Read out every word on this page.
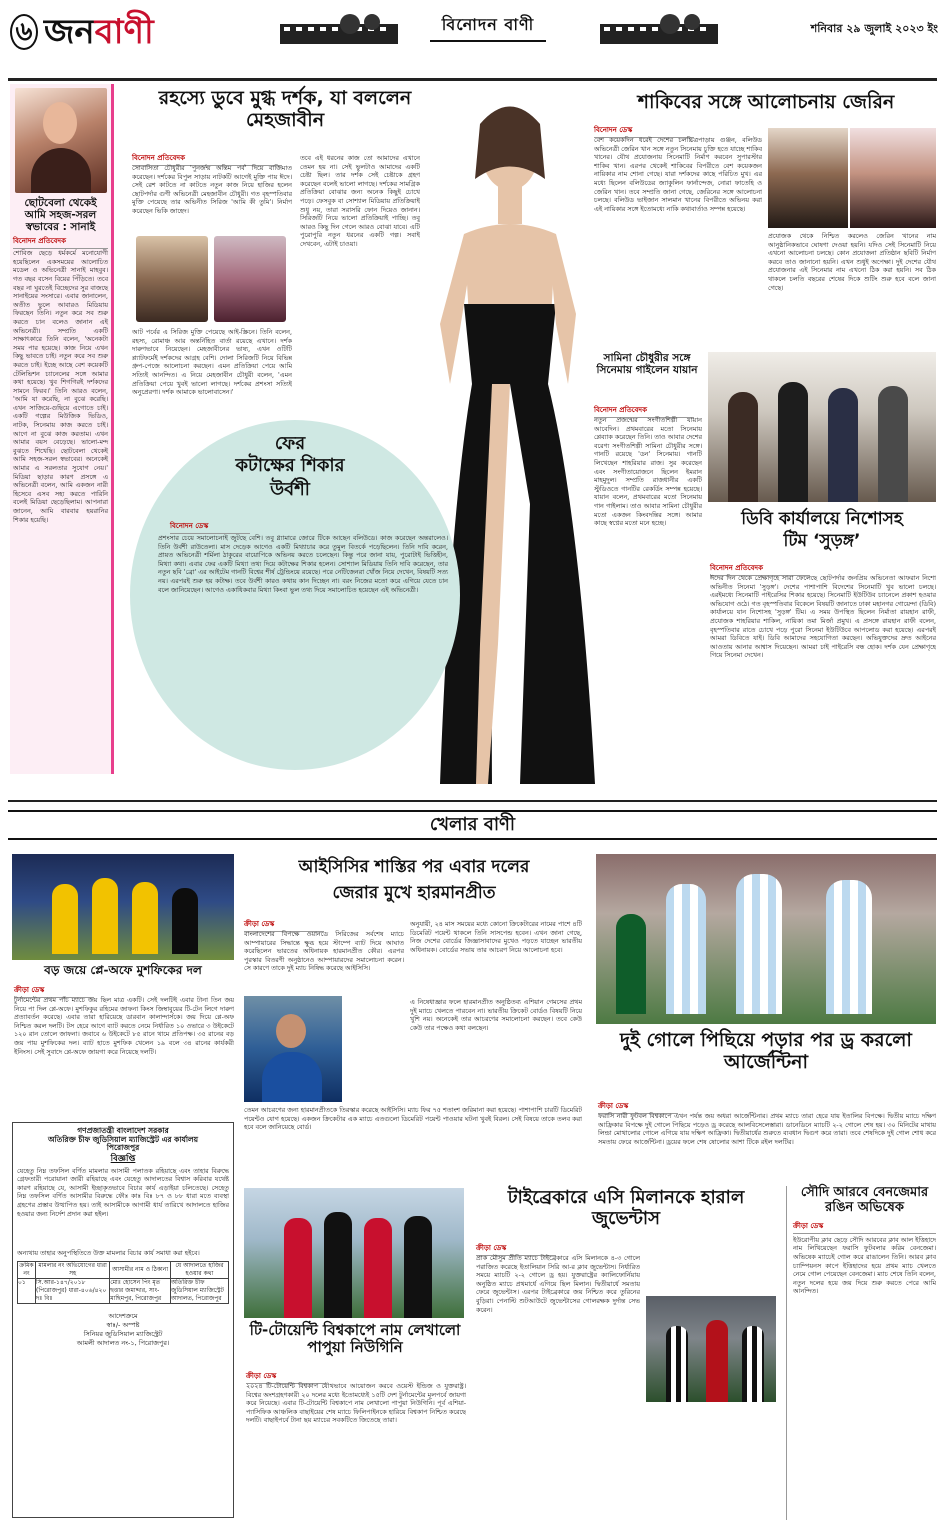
৬ জনবাণী	বিনোদন বাণী	শনিবার ২৯ জুলাই ২০২৩ ইং
ছোটবেলা থেকেই আমি সহজ-সরল স্বভাবের : সানাই
বিনোদন প্রতিবেদক
শোবিজ ছেড়ে ধর্মকর্মে মনোযোগী হয়েছিলেন একসময়ের আলোচিত মডেল ও অভিনেত্রী সানাই মাহবুব। গত বছর বসেন বিয়ের পিঁড়িতে। তবে বছর না ঘুরতেই বিচ্ছেদের সুর বাজছে সানাইয়ের সংসারে। এবার জানালেন, অতীত ভুলে আবারও মিডিয়ায় ফিরছেন তিনি। নতুন করে সব শুরু করতে চান বলেও জানান এই অভিনেত্রী। সম্প্রতি একটি সাক্ষাৎকারে তিনি বলেন, 'অনেকটা সময় পার হয়েছে। কাজ নিয়ে এখন কিছু ভাবতে চাই। নতুন করে সব শুরু করতে চাই। ইচ্ছে আছে বেশ কয়েকটি টেলিভিশন চ্যানেলের সঙ্গে আমার কথা হয়েছে। খুব শিগগিরই দর্শকদের সামনে ফিরব।' তিনি আরও বলেন, 'আমি যা করেছি, না বুঝে করেছি। এখন সাজিয়ে-গুছিয়ে এগোতে চাই। একটি গল্পের মিউজিক ভিডিও, নাটক, সিনেমায় কাজ করতে চাই। আগে না বুঝে কাজ করতাম। এখন আমার বয়স বেড়েছে। ভালো-মন্দ বুঝতে শিখেছি। ছোটবেলা থেকেই আমি সহজ-সরল স্বভাবের। অনেকেই আমার এ সরলতার সুযোগ নেয়।' মিডিয়া ছাড়ার কারণ প্রসঙ্গে এ অভিনেত্রী বলেন, আমি একজন নারী হিসেবে এসব সহ্য করতে পারিনি বলেই মিডিয়া ছেড়েছিলাম। আপনারা জানেন, আমি বারবার হয়রানির শিকার হয়েছি।
রহস্যে ডুবে মুগ্ধ দর্শক, যা বললেন মেহজাবীন
বিনোদন প্রতিবেদক
সোবাসিতা চৌধুরীর 'পুনর্জন্ম অন্তিম পর্ব' দিয়ে বাজিমাত করেছেন। দর্শকের বিপুল সাড়ায় নাটকটি আগেই মুক্তি পায় ঈদে। সেই রেশ কাটতে না কাটতে নতুন কাজ নিয়ে হাজির হলেন ছোটপর্দার গুণী অভিনেত্রী মেহজাবীন চৌধুরী। গত বৃহস্পতিবার মুক্তি পেয়েছে তার অভিনীত সিরিজ 'আমি কী তুমি'। নির্মাণ করেছেন ভিকি জাহেদ।
আট পর্বের এ সিরিজ মুক্তি পেয়েছে আই-স্ক্রিনে। তিনি বলেন, রহস্য, রোমাঞ্চ আর অন্তর্নিহিত বার্তা রয়েছে এখানে। দর্শক দারুণভাবে নিয়েছেন। মেহজাবীনের ভাষ্য, এখন ওটিটি প্ল্যাটফর্মেই দর্শকদের আগ্রহ বেশি। দোলা সিরিজটি নিয়ে বিভিন্ন গ্রুপ-পেজে আলোচনা করছেন। এমন প্রতিক্রিয়া পেয়ে আমি সত্যিই আনন্দিত। এ নিয়ে মেহজাবীন চৌধুরী বলেন, 'এমন প্রতিক্রিয়া পেয়ে খুবই ভালো লাগছে। দর্শকের প্রশংসা সত্যিই অনুপ্রেরণা। দর্শক আমাকে ভালোবাসেন।'
তবে এই ধরনের কাজ তো আমাদের এখানে তেমন হয় না। সেই ভুলটাও আমাদের একটি চেষ্টা ছিল। তার দর্শক সেই চেষ্টাকে গ্রহণ করেছেন বলেই ভালো লাগছে। দর্শকের সামগ্রিক প্রতিক্রিয়া বোঝার জন্য অনেক কিছুই চোখে পড়ে। ফেসবুক বা সোশ্যাল মিডিয়ায় প্রতিক্রিয়াই শুধু নয়, তারা সরাসরি ফোন দিয়েও জানান। সিরিজটি নিয়ে ভালো প্রতিক্রিয়াই পাচ্ছি। তবু আরও কিছু দিন গেলে আরও বোঝা যাবে। এটি পুরোপুরি নতুন ধরনের একটি গল্প। সবাই দেখবেন, এটাই চাওয়া।
ফের
কটাক্ষের শিকার
উর্বশী
বিনোদন ডেস্ক
প্রশংসার চেয়ে সমালোচনাই জুটছে বেশি। তবু গ্ল্যামারে জোরে টিকে আছেন বলিউডে। কাজ করেছেন অন্তরালেও। তিনি উর্বশী রাউতেলা। মাস দেড়েক আগেও একটি মিথ্যাচার করে তুমুল বিতর্কে পড়েছিলেন। তিনি দাবি করেন, প্রায়ত অভিনেত্রী শর্মিলা ঠাকুরের বায়োপিকে অভিনয় করতে চলেছেন। কিন্তু পরে জানা যায়, পুরোটাই ভিত্তিহীন, মিথ্যা কথা। এবার ফের একটি মিথ্যা তথ্য দিয়ে কটাক্ষের শিকার হলেন। সোশ্যাল মিডিয়ায় তিনি দাবি করেছেন, তার নতুন ছবি 'ব্রো' এর আইটেম গানটি বিশ্বের শীর্ষ ট্রেন্ডিংয়ে রয়েছে। পরে নেটিজেনরা খোঁজ নিয়ে দেখেন, বিষয়টি সত্য নয়। এরপরই শুরু হয় কটাক্ষ। তবে উর্বশী কারও কথায় কান দিচ্ছেন না। বরং নিজের মতো করে এগিয়ে যেতে চান বলে জানিয়েছেন। আগেও একাধিকবার মিথ্যা কিংবা ভুল তথ্য দিয়ে সমালোচিত হয়েছেন এই অভিনেত্রী।
শাকিবের সঙ্গে আলোচনায় জেরিন
বিনোদন ডেস্ক
বেশ কয়েকদিন ধরেই দেশের চলচ্চিত্রপাড়ায় গুঞ্জন, বলিউড অভিনেত্রী জেরিন খান সঙ্গে নতুন সিনেমায় চুক্তি হতে যাচ্ছে শাকিব খানের। যৌথ প্রযোজনায় সিনেমাটি নির্মাণ করবেন সুপারস্টার শাকিব খান। এরপর থেকেই শাকিবের বিপরীতে বেশ কয়েকজন নায়িকার নাম শোনা গেছে। যারা দর্শকদের কাছে পরিচিত মুখ। এর মধ্যে ছিলেন বলিউডের জ্যাকুলিন ফার্নান্দেজ, নোরা ফাতেহি ও জেরিন খান। তবে সম্প্রতি জানা গেছে, জেরিনের সঙ্গে আলোচনা চলছে। বলিউড ভাইজান সালমান খানের বিপরীতে অভিনয় করা এই নায়িকার সঙ্গে ইতোমধ্যে নাকি কথাবার্তাও সম্পন্ন হয়েছে।
প্রযোজক থেকে নিশ্চিত করলেও জেরিন খানের নাম আনুষ্ঠানিকভাবে ঘোষণা দেওয়া হয়নি। যদিও সেই সিনেমাটি নিয়ে এখনো আলোচনা চলছে। কোন প্রযোজনা প্রতিষ্ঠান ছবিটি নির্মাণ করবে তাও জানানো হয়নি। এখন শুধুই অপেক্ষা। দুই দেশের যৌথ প্রযোজনার এই সিনেমার নাম এখনো ঠিক করা হয়নি। সব ঠিক থাকলে চলতি বছরের শেষের দিকে শুটিং শুরু হবে বলে জানা গেছে।
সামিনা চৌধুরীর সঙ্গে সিনেমায় গাইলেন যায়ান
বিনোদন প্রতিবেদক
নতুন প্রজন্মের সংগীতশিল্পী যায়ান আবেদিন। প্রথমবারের মতো সিনেমায় প্লেব্যাক করেছেন তিনি। তাও আবার দেশের বরেণ্য সংগীতশিল্পী সামিনা চৌধুরীর সঙ্গে। গানটি রয়েছে 'ডন' সিনেমায়। গানটি লিখেছেন শাহরিয়ার রাজ। সুর করেছেন এবং সংগীতায়োজনে ছিলেন ইমরান মাহমুদুল। সম্প্রতি রাজধানীর একটি স্টুডিওতে গানটির রেকর্ডিং সম্পন্ন হয়েছে। যায়ান বলেন, প্রথমবারের মতো সিনেমায় গান গাইলাম। তাও আবার সামিনা চৌধুরীর মতো একজন কিংবদন্তির সঙ্গে। আমার কাছে স্বপ্নের মতো মনে হচ্ছে।	ডিবি কার্যালয়ে নিশোসহ
টিম ‘সুড়ঙ্গ’
বিনোদন প্রতিবেদক
ঈদের দিন থেকে প্রেক্ষাগৃহে সারা ফেলেছে ছোটপর্দার জনপ্রিয় অভিনেতা আফরান নিশো অভিনীত সিনেমা 'সুড়ঙ্গ'। দেশের পাশাপাশি বিদেশের সিনেমাটি খুব ভালো চলছে। এরইমধ্যে সিনেমাটি পাইরেসির শিকার হয়েছে। সিনেমাটি ইউটিউব চ্যানেলে প্রকাশ হওয়ার অভিযোগ ওঠে। গত বৃহস্পতিবার বিকেলে বিষয়টি জানাতে ঢাকা মহানগর গোয়েন্দা (ডিবি) কার্যালয়ে যান নিশোসহ 'সুড়ঙ্গ' টিম। এ সময় উপস্থিত ছিলেন নির্মাতা রায়হান রাফী, প্রযোজক শাহরিয়ার শাকিল, নায়িকা তমা মির্জা প্রমুখ। এ প্রসঙ্গে রায়হান রাফী বলেন, বৃহস্পতিবার রাতে চোখে পড়ে পুরো সিনেমা ইউটিউবে আপলোড করা হয়েছে। এরপরই আমরা ডিবিতে যাই। ডিবি আমাদের সহযোগিতা করছেন। অভিযুক্তদের দ্রুত আইনের আওতায় আনার আশ্বাস দিয়েছেন। আমরা চাই পাইরেসি বন্ধ হোক। দর্শক যেন প্রেক্ষাগৃহে গিয়ে সিনেমা দেখেন।
খেলার বাণী
বড় জয়ে প্লে-অফে মুশফিকের দল
ক্রীড়া ডেস্ক
টুর্নামেন্টের প্রথম পাঁচ ম্যাচে জয় ছিল মাত্র একটি। সেই দলটিই এবার টানা তিন জয় নিয়ে পা দিল প্লে-অফে। মুশফিকুর রহিমের জাফনা কিংস জিম্বাবুয়ের টি-টেন লিগে দারুণ প্রত্যাবর্তন করেছে। এবার তারা হারিয়েছে ডারবান কালান্দার্সকে। জয় দিয়ে প্লে-অফ নিশ্চিত করল দলটি। টস হেরে আগে ব্যাট করতে নেমে নির্ধারিত ১০ ওভারে ৩ উইকেটে ১২০ রান তোলে জাফনা। জবাবে ৬ উইকেটে ৮৫ রানে থামে প্রতিপক্ষ। ৩৫ রানের বড় জয় পায় মুশফিকের দল। ব্যাট হাতে মুশফিক খেলেন ১৯ বলে ৩৪ রানের কার্যকরী ইনিংস। সেই সুবাদে প্লে-অফে জায়গা করে নিয়েছে দলটি।
আইসিসির শাস্তির পর এবার দলের
জেরার মুখে হারমানপ্রীত
ক্রীড়া ডেস্ক
বাংলাদেশের বিপক্ষে ওয়ানডে সিরিজের সর্বশেষ ম্যাচে আম্পায়ারের সিদ্ধান্তে ক্ষুব্ধ হয়ে স্টাম্পে ব্যাট দিয়ে আঘাত করেছিলেন ভারতের অধিনায়ক হারমানপ্রীত কৌর। এরপর পুরস্কার বিতরণী অনুষ্ঠানেও আম্পায়ারদের সমালোচনা করেন। সে কারণে তাকে দুই ম্যাচ নিষিদ্ধ করেছে আইসিসি।
অনুযায়ী, ২৪ মাস সময়ের মধ্যে কোনো ক্রিকেটারের নামের পাশে ৪টি ডিমেরিট পয়েন্ট থাকলে তিনি সাসপেন্ড হবেন। এখন জানা গেছে, নিজ দেশের বোর্ডের জিজ্ঞাসাবাদের মুখেও পড়তে যাচ্ছেন ভারতীয় অধিনায়ক। বোর্ডের সভায় তার আচরণ নিয়ে আলোচনা হবে।
এ নিষেধাজ্ঞার ফলে হারমানপ্রীত অনুষ্ঠিতব্য এশিয়ান গেমসের প্রথম দুই ম্যাচে খেলতে পারবেন না। ভারতীয় ক্রিকেট বোর্ডও বিষয়টি নিয়ে খুশি নয়। অনেকেই তার আচরণের সমালোচনা করছেন। তবে কেউ কেউ তার পক্ষেও কথা বলছেন।
তেমন আচরণের জন্য হারমানপ্রীতকে তিরস্কার করেছে আইসিসি। ম্যাচ ফির ৭৫ শতাংশ জরিমানা করা হয়েছে। পাশাপাশি চারটি ডিমেরিট পয়েন্টও যোগ হয়েছে। একজন ক্রিকেটার এক ম্যাচে এতগুলো ডিমেরিট পয়েন্ট পাওয়ার ঘটনা খুবই বিরল। সেই বিষয়ে তাকে তলব করা হবে বলে জানিয়েছে বোর্ড।
দুই গোলে পিছিয়ে পড়ার পর ড্র করলো আর্জেন্টিনা
ক্রীড়া ডেস্ক
ফরাসি নারী ফুটবল বিশ্বকাপে এখন পর্যন্ত জয় অধরা আর্জেন্টিনার। প্রথম ম্যাচে তারা হেরে যায় ইতালির বিপক্ষে। দ্বিতীয় ম্যাচে দক্ষিণ আফ্রিকার বিপক্ষে দুই গোলে পিছিয়ে পড়েও ড্র করেছে আলবিসেলেস্তারা। ডানেডিনে ম্যাচটি ২-২ গোলে শেষ হয়। ৩০ মিনিটের মাথায় লিন্ডা মোথালোর গোলে এগিয়ে যায় দক্ষিণ আফ্রিকা। দ্বিতীয়ার্ধের শুরুতে ব্যবধান দ্বিগুণ করে তারা। তবে শেষদিকে দুই গোল শোধ করে সমতায় ফেরে আর্জেন্টিনা। ড্রয়ের ফলে শেষ ষোলোর আশা টিকে রইল দলটির।
গণপ্রজাতন্ত্রী বাংলাদেশ সরকার
অতিরিক্ত চীফ জুডিসিয়াল ম্যাজিস্ট্রেট এর কার্যালয়
পিরোজপুর
বিজ্ঞপ্তি
যেহেতু নিম্ন তফসিল বর্ণিত মামলার আসামী পলাতক রহিয়াছে এবং তাহার বিরুদ্ধে গ্রেফতারী পরোয়ানা জারী রহিয়াছে এবং যেহেতু আদালতের বিশ্বাস করিবার যথেষ্ট কারণ রহিয়াছে যে, আসামী ইচ্ছাকৃতভাবে বিচার কার্য এড়াইয়া চলিতেছে। সেহেতু নিম্ন তফসিল বর্ণিত আসামীর বিরুদ্ধে ফৌঃ কাঃ বিঃ ৮৭ ও ৮৮ ধারা মতে ব্যবস্থা গ্রহণের প্রস্তাব উত্থাপিত হয়। তাই আসামীকে আগামী ধার্য তারিখে আদালতে হাজির হওয়ার জন্য নির্দেশ প্রদান করা হইল।
অন্যথায় তাহার অনুপস্থিতিতে উক্ত মামলার বিচার কার্য সমাধা করা হইবে।
ক্রমিক নং	মামলার নং অভিযোগের ধারা সহ	আসামীর নাম ও ঠিকানা	যে আদালতে হাজির হওয়ার কথা
০১	সি.আর-১৪৭/২০১৮ (পিরোজপুর) ধারা-৪০৬/৪২০ দঃ বিঃ	মোঃ হোসেন পিং মৃত ছত্তার জমাদ্দার, সাং- মাছিমপুর, পিরোজপুর	অতিরিক্ত চীফ জুডিসিয়াল ম্যাজিস্ট্রেট আদালত, পিরোজপুর
আদেশক্রমে
স্বাঃ/- অস্পষ্ট
সিনিয়র জুডিসিয়াল ম্যাজিস্ট্রেট
আমলী আদালত নং-১, পিরোজপুর।
টি-টোয়েন্টি বিশ্বকাপে নাম লেখালো পাপুয়া নিউগিনি
ক্রীড়া ডেস্ক
২০২৪ টি-টোয়েন্টি বিশ্বকাপ যৌথভাবে আয়োজন করবে ওয়েস্ট ইন্ডিজ ও যুক্তরাষ্ট্র। বিশ্বের অংশগ্রহণকারী ২০ দলের মধ্যে ইতোমধ্যেই ১৫টি দেশ টুর্নামেন্টের মূলপর্বে জায়গা করে নিয়েছে। এবার টি-টোয়েন্টি বিশ্বকাপে নাম লেখালো পাপুয়া নিউগিনি। পূর্ব এশিয়া-প্যাসিফিক আঞ্চলিক বাছাইয়ের শেষ ম্যাচে ফিলিপাইনকে হারিয়ে বিশ্বকাপ নিশ্চিত করেছে দলটি। বাছাইপর্বে টানা ছয় ম্যাচের সবকটিতে জিতেছে তারা।
টাইব্রেকারে এসি মিলানকে হারাল জুভেন্টাস
ক্রীড়া ডেস্ক
প্রাক মৌসুম প্রীতি ম্যাচে টাইব্রেকারে এসি মিলানকে ৪-৩ গোলে পরাজিত করেছে ইতালিয়ান সিরি আ-র ক্লাব জুভেন্টাস। নির্ধারিত সময়ে ম্যাচটি ২-২ গোলে ড্র হয়। যুক্তরাষ্ট্রের ক্যালিফোর্নিয়ায় অনুষ্ঠিত ম্যাচে প্রথমার্ধে এগিয়ে ছিল মিলান। দ্বিতীয়ার্ধে সমতায় ফেরে জুভেন্টাস। এরপর টাইব্রেকারে জয় নিশ্চিত করে তুরিনের বুড়িরা। পেনাল্টি শুটআউটে জুভেন্টাসের গোলরক্ষক দুর্দান্ত সেভ করেন।
সৌদি আরবে বেনজেমার রঙিন অভিষেক
ক্রীড়া ডেস্ক
ইউরোপীয় ক্লাব ছেড়ে সৌদি আরবের ক্লাব আল ইত্তিহাদে নাম লিখিয়েছেন ফরাসি ফুটবলার করিম বেনজেমা। অভিষেক ম্যাচেই গোল করে রাঙালেন তিনি। আরব ক্লাব চ্যাম্পিয়নস কাপে ইত্তিহাদের হয়ে প্রথম ম্যাচ খেলতে নেমে গোল পেয়েছেন বেনজেমা। ম্যাচ শেষে তিনি বলেন, নতুন দলের হয়ে জয় দিয়ে শুরু করতে পেরে আমি আনন্দিত।
